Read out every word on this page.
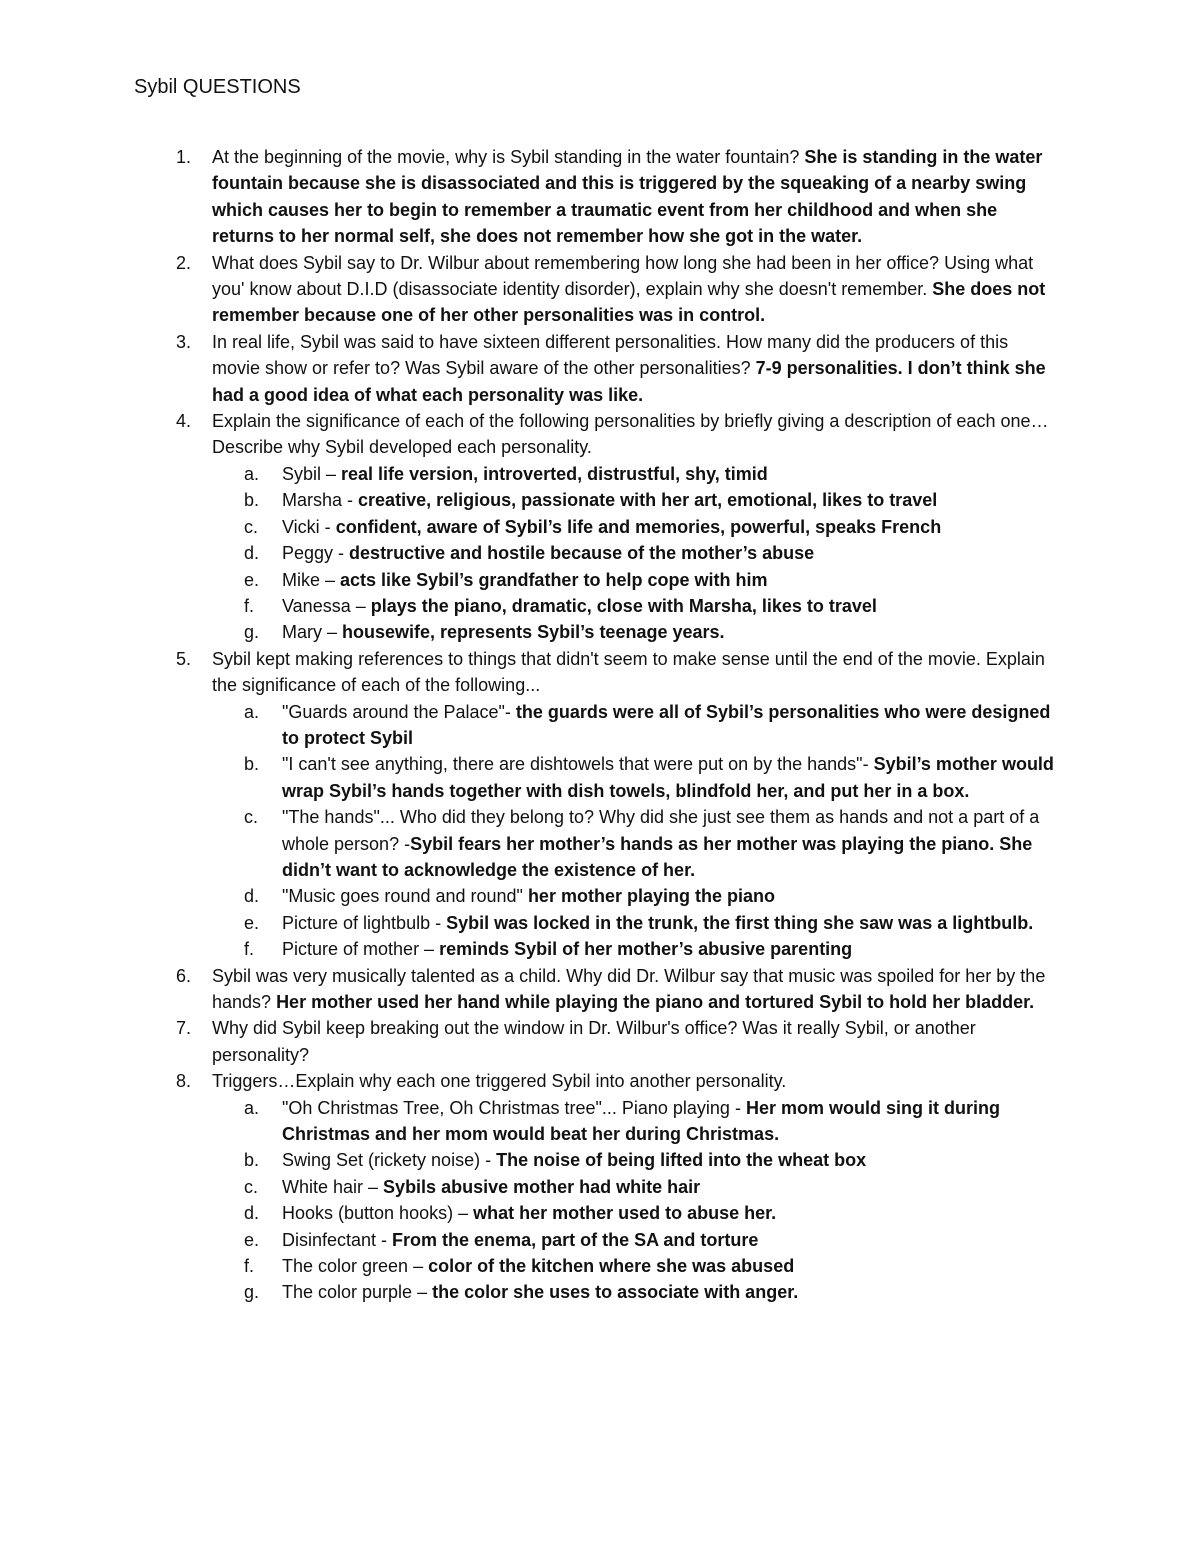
Sybil QUESTIONS
1. At the beginning of the movie, why is Sybil standing in the water fountain? She is standing in the water fountain because she is disassociated and this is triggered by the squeaking of a nearby swing which causes her to begin to remember a traumatic event from her childhood and when she returns to her normal self, she does not remember how she got in the water.
2. What does Sybil say to Dr. Wilbur about remembering how long she had been in her office? Using what you' know about D.I.D (disassociate identity disorder), explain why she doesn't remember. She does not remember because one of her other personalities was in control.
3. In real life, Sybil was said to have sixteen different personalities. How many did the producers of this movie show or refer to? Was Sybil aware of the other personalities? 7-9 personalities. I don’t think she had a good idea of what each personality was like.
4. Explain the significance of each of the following personalities by briefly giving a description of each one…
Describe why Sybil developed each personality.
a. Sybil – real life version, introverted, distrustful, shy, timid
b. Marsha - creative, religious, passionate with her art, emotional, likes to travel
c. Vicki - confident, aware of Sybil’s life and memories, powerful, speaks French
d. Peggy - destructive and hostile because of the mother’s abuse
e. Mike – acts like Sybil’s grandfather to help cope with him
f. Vanessa – plays the piano, dramatic, close with Marsha, likes to travel
g. Mary – housewife, represents Sybil’s teenage years.
5. Sybil kept making references to things that didn't seem to make sense until the end of the movie. Explain the significance of each of the following...
a. "Guards around the Palace"- the guards were all of Sybil’s personalities who were designed to protect Sybil
b. "I can't see anything, there are dishtowels that were put on by the hands"- Sybil’s mother would wrap Sybil’s hands together with dish towels, blindfold her, and put her in a box.
c. "The hands"... Who did they belong to? Why did she just see them as hands and not a part of a whole person? -Sybil fears her mother’s hands as her mother was playing the piano. She didn’t want to acknowledge the existence of her.
d. "Music goes round and round" her mother playing the piano
e. Picture of lightbulb - Sybil was locked in the trunk, the first thing she saw was a lightbulb.
f. Picture of mother – reminds Sybil of her mother’s abusive parenting
6. Sybil was very musically talented as a child. Why did Dr. Wilbur say that music was spoiled for her by the hands? Her mother used her hand while playing the piano and tortured Sybil to hold her bladder.
7. Why did Sybil keep breaking out the window in Dr. Wilbur's office? Was it really Sybil, or another personality?
8. Triggers…Explain why each one triggered Sybil into another personality.
a. "Oh Christmas Tree, Oh Christmas tree"... Piano playing - Her mom would sing it during Christmas and her mom would beat her during Christmas.
b. Swing Set (rickety noise) - The noise of being lifted into the wheat box
c. White hair – Sybils abusive mother had white hair
d. Hooks (button hooks) – what her mother used to abuse her.
e. Disinfectant - From the enema, part of the SA and torture
f. The color green – color of the kitchen where she was abused
g. The color purple – the color she uses to associate with anger.
